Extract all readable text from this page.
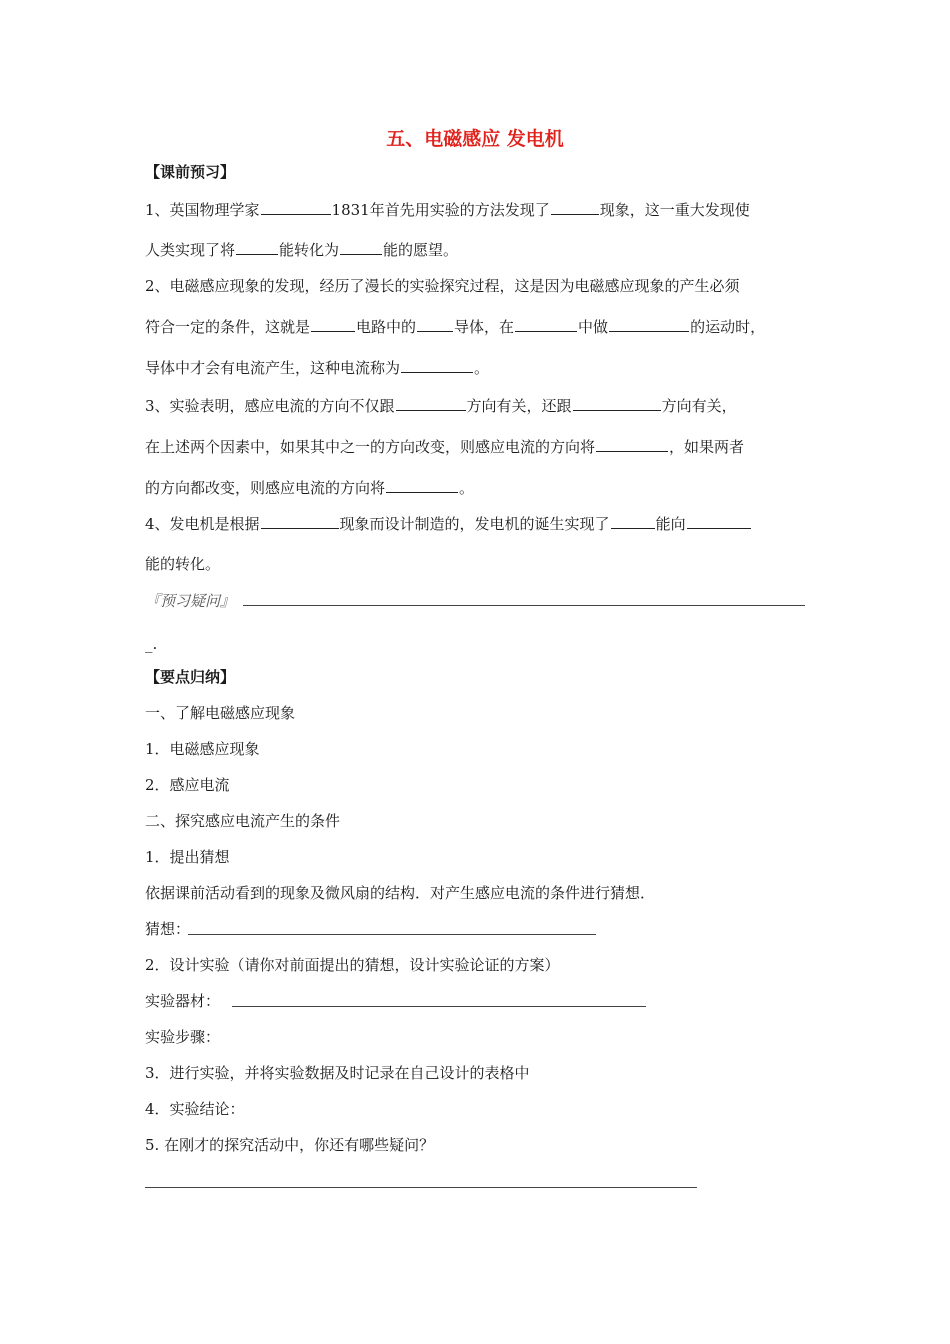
五、电磁感应 发电机
【课前预习】
1、英国物理学家	1831年首先用实验的方法发现了	现象，这一重大发现使
人类实现了将	能转化为	能的愿望。
2、电磁感应现象的发现，经历了漫长的实验探究过程，这是因为电磁感应现象的产生必须
符合一定的条件，这就是	电路中的	导体，在	中做	的运动时，
导体中才会有电流产生，这种电流称为	。
3、实验表明，感应电流的方向不仅跟	方向有关，还跟	方向有关，
在上述两个因素中，如果其中之一的方向改变，则感应电流的方向将	，如果两者
的方向都改变，则感应电流的方向将	。
4、发电机是根据	现象而设计制造的，发电机的诞生实现了	能向
能的转化。
『预习疑问』
_.
【要点归纳】
一、了解电磁感应现象
1．电磁感应现象
2．感应电流
二、探究感应电流产生的条件
1．提出猜想
依据课前活动看到的现象及微风扇的结构．对产生感应电流的条件进行猜想．
猜想：
2．设计实验（请你对前面提出的猜想，设计实验论证的方案）
实验器材：
实验步骤：
3．进行实验，并将实验数据及时记录在自己设计的表格中
4．实验结论：
5. 在刚才的探究活动中，你还有哪些疑问？
